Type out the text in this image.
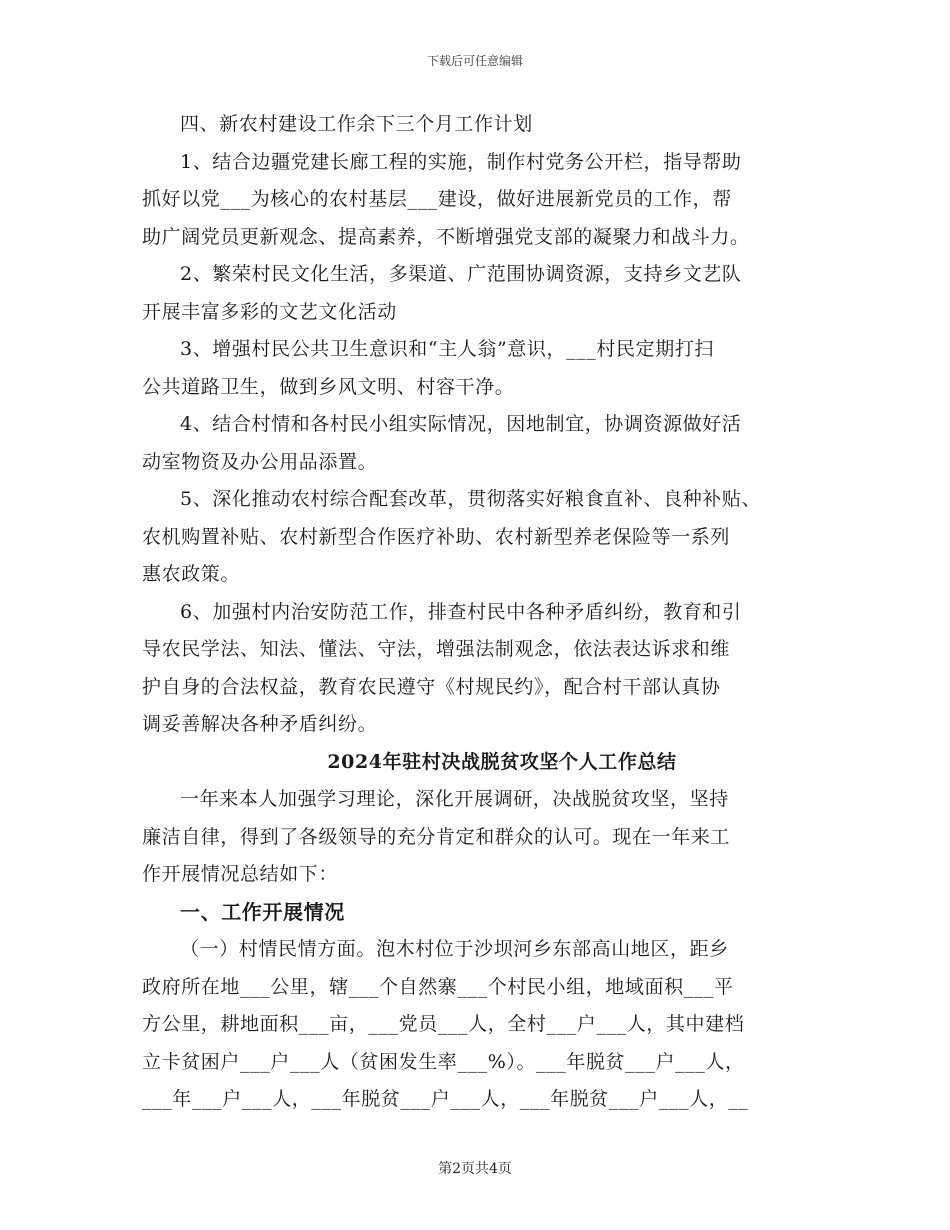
下载后可任意编辑
四、新农村建设工作余下三个月工作计划
1、结合边疆党建长廊工程的实施，制作村党务公开栏，指导帮助
抓好以党___为核心的农村基层___建设，做好进展新党员的工作，帮
助广阔党员更新观念、提高素养，不断增强党支部的凝聚力和战斗力。
2、繁荣村民文化生活，多渠道、广范围协调资源，支持乡文艺队
开展丰富多彩的文艺文化活动
3、增强村民公共卫生意识和“主人翁”意识，___村民定期打扫
公共道路卫生，做到乡风文明、村容干净。
4、结合村情和各村民小组实际情况，因地制宜，协调资源做好活
动室物资及办公用品添置。
5、深化推动农村综合配套改革，贯彻落实好粮食直补、良种补贴、
农机购置补贴、农村新型合作医疗补助、农村新型养老保险等一系列
惠农政策。
6、加强村内治安防范工作，排查村民中各种矛盾纠纷，教育和引
导农民学法、知法、懂法、守法，增强法制观念，依法表达诉求和维
护自身的合法权益，教育农民遵守《村规民约》，配合村干部认真协
调妥善解决各种矛盾纠纷。
2024年驻村决战脱贫攻坚个人工作总结
一年来本人加强学习理论，深化开展调研，决战脱贫攻坚，坚持
廉洁自律，得到了各级领导的充分肯定和群众的认可。现在一年来工
作开展情况总结如下：
一、工作开展情况
（一）村情民情方面。泡木村位于沙坝河乡东部高山地区，距乡
政府所在地___公里，辖___个自然寨___个村民小组，地域面积___平
方公里，耕地面积___亩，___党员___人，全村___户___人，其中建档
立卡贫困户___户___人（贫困发生率___%）。___年脱贫___户___人，
___年___户___人，___年脱贫___户___人，___年脱贫___户___人，__
第2页共4页
